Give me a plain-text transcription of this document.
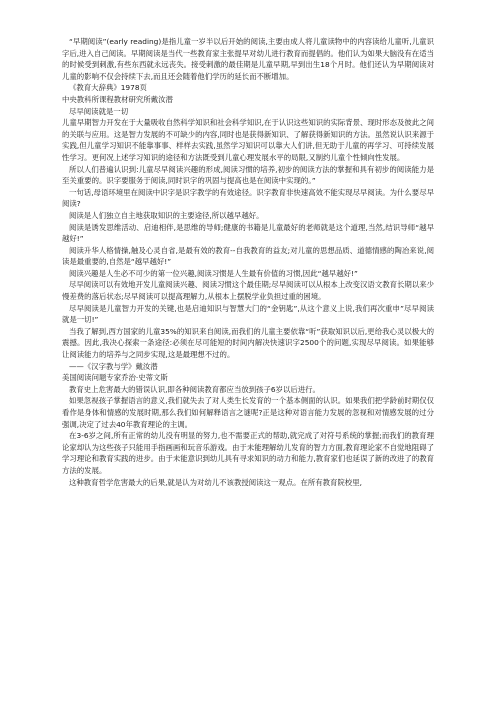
“早期阅读”(early reading)是指儿童一岁半以后开始的阅读,主要由成人将儿童读物中的内容读给儿童听,儿童识字后,进入自己阅读。早期阅读是当代一些教育家主张提早对幼儿进行教育而提倡的。他们认为如果大脑没有在适当的时候受到刺激,有些东西就永远丧失。接受刺激的最佳期是儿童早期,早到出生18个月时。他们还认为早期阅读对儿童的影响不仅会持续下去,而且还会随着他们学历的延长而不断增加。

《教育大辞典》1978页

中央教科所课程教材研究所戴汝潜

尽早阅读就是一切

儿童早期智力开发在于大量吸收自然科学知识和社会科学知识,在于认识这些知识的实际背景、现时形态及彼此之间的关联与应用。这是智力发展的不可缺少的内容,同时也是获得新知识、了解获得新知识的方法。虽然说认识来源于实践,但儿童学习知识不能靠事事、样样去实践,虽然学习知识可以靠大人们讲,但无助于儿童的再学习、可持续发展性学习。更何况上述学习知识的途径和方法既受到儿童心理发展水平的局限,又制约儿童个性倾向性发展。

所以人们普遍认识到:儿童尽早阅读兴趣的形成,阅读习惯的培养,初步的阅读方法的掌握和具有初步的阅读能力是至关重要的。识字要服务于阅读,同时识字的巩固与提高也是在阅读中实现的。”

一句话,母语环境里在阅读中识字是识字教学的有效途径。识字教育非快速高效不能实现尽早阅读。为什么要尽早阅读?

阅读是人们独立自主地获取知识的主要途径,所以越早越好。

阅读是诱发思维活动、启迪相伴,是思维的导师;健康的书籍是儿童最好的老师就是这个道理,当然,结识导师“越早越好!”

阅读升华人格情操,触及心灵自省,是最有效的教育--自我教育的益友;对儿童的思想品质、道德情感的陶冶来说,阅读是最重要的,自然是“越早越好!”

阅读兴趣是人生必不可少的第一位兴趣,阅读习惯是人生最有价值的习惯,因此“越早越好!”

尽早阅读可以有效地开发儿童阅读兴趣、阅读习惯这个最佳期;尽早阅读可以从根本上改变汉语文教育长期以来少慢差费的落后状态;尽早阅读可以提高理解力,从根本上摆脱学业负担过重的困境。

尽早阅读是儿童智力开发的关键,也是启迪知识与智慧大门的“金钥匙”,从这个意义上说,我们再次重申”尽早阅读就是一切!”

当我了解到,西方国家的儿童35%的知识来自阅读,而我们的儿童主要依靠“听”获取知识以后,更给我心灵以极大的震撼。因此,我决心探索一条途径:必须在尽可能短的时间内解决快速识字2500个的问题,实现尽早阅读。如果能够让阅读能力的培养与之同步实现,这是最理想不过的。

——《汉字教与学》戴汝潜

美国阅读问题专家乔治·史蒂文斯

教育史上危害最大的错误认识,即各种阅读教育都应当放到孩子6岁以后进行。

如果忽视孩子掌握语言的意义,我们就失去了对人类生长发育的一个基本侧面的认识。如果我们把学龄前时期仅仅看作是身体和情感的发展时期,那么我们如何解释语言之谜呢?正是这种对语言能力发展的忽视和对情感发展的过分强调,决定了过去40年教育理论的主调。

在3-6岁之间,所有正常的幼儿没有明显的努力,也不需要正式的帮助,就完成了对符号系统的掌握;而我们的教育理论家却认为这些孩子只能用手指画画和玩音乐游戏。由于未能理解幼儿发育的智力方面,教育理论家不自觉地阻碍了学习理论和教育实践的进步。由于未能意识到幼儿具有寻求知识的动力和能力,教育家们也延误了新的改进了的教育方法的发展。

这种教育哲学危害最大的后果,就是认为对幼儿不该教授阅读这一观点。在所有教育院校里,
